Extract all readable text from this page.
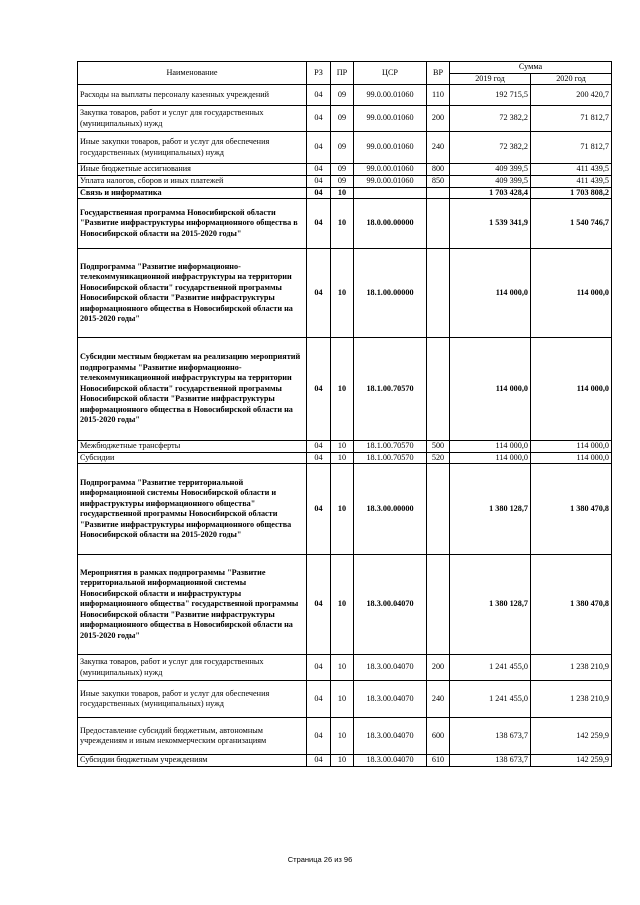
Наименование	РЗ	ПР	ЦСР	ВР	Сумма	
					2019 год	2020 год
Расходы на выплаты персоналу казенных учреждений	04	09	99.0.00.01060	110	192 715,5	200 420,7
Закупка товаров, работ и услуг для государственных (муниципальных) нужд	04	09	99.0.00.01060	200	72 382,2	71 812,7
Иные закупки товаров, работ и услуг для обеспечения государственных (муниципальных) нужд	04	09	99.0.00.01060	240	72 382,2	71 812,7
Иные бюджетные ассигнования	04	09	99.0.00.01060	800	409 399,5	411 439,5
Уплата налогов, сборов и иных платежей	04	09	99.0.00.01060	850	409 399,5	411 439,5
Связь и информатика	04	10			1 703 428,4	1 703 808,2
Государственная программа Новосибирской области "Развитие инфраструктуры информационного общества в Новосибирской области на 2015-2020 годы"	04	10	18.0.00.00000		1 539 341,9	1 540 746,7
Подпрограмма "Развитие информационно-телекоммуникационной инфраструктуры на территории Новосибирской области" государственной программы Новосибирской области "Развитие инфраструктуры информационного общества в Новосибирской области на 2015-2020 годы"	04	10	18.1.00.00000		114 000,0	114 000,0
Субсидии местным бюджетам на реализацию мероприятий подпрограммы "Развитие информационно-телекоммуникационной инфраструктуры на территории Новосибирской области" государственной программы Новосибирской области "Развитие инфраструктуры информационного общества в Новосибирской области на 2015-2020 годы"	04	10	18.1.00.70570		114 000,0	114 000,0
Межбюджетные трансферты	04	10	18.1.00.70570	500	114 000,0	114 000,0
Субсидии	04	10	18.1.00.70570	520	114 000,0	114 000,0
Подпрограмма "Развитие территориальной информационной системы Новосибирской области и инфраструктуры информационного общества" государственной программы Новосибирской области "Развитие инфраструктуры информационного общества Новосибирской области на 2015-2020 годы"	04	10	18.3.00.00000		1 380 128,7	1 380 470,8
Мероприятия в рамках подпрограммы "Развитие территориальной информационной системы Новосибирской области и инфраструктуры информационного общества" государственной программы Новосибирской области "Развитие инфраструктуры информационного общества в Новосибирской области на 2015-2020 годы"	04	10	18.3.00.04070		1 380 128,7	1 380 470,8
Закупка товаров, работ и услуг для государственных (муниципальных) нужд	04	10	18.3.00.04070	200	1 241 455,0	1 238 210,9
Иные закупки товаров, работ и услуг для обеспечения государственных (муниципальных) нужд	04	10	18.3.00.04070	240	1 241 455,0	1 238 210,9
Предоставление субсидий бюджетным, автономным учреждениям и иным некоммерческим организациям	04	10	18.3.00.04070	600	138 673,7	142 259,9
Субсидии бюджетным учреждениям	04	10	18.3.00.04070	610	138 673,7	142 259,9
Страница 26 из 96
